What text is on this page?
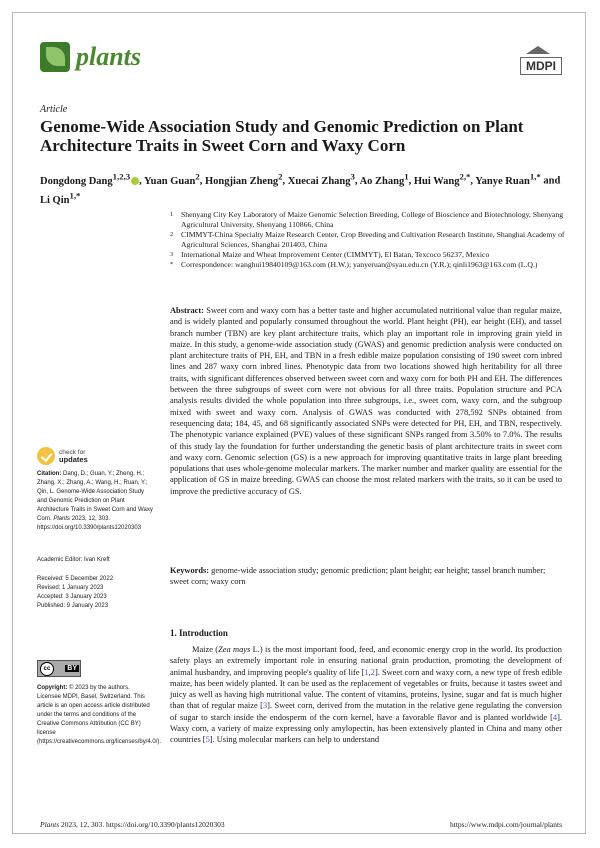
plants	MDPI
Article
Genome-Wide Association Study and Genomic Prediction on Plant Architecture Traits in Sweet Corn and Waxy Corn
Dongdong Dang$^{1,2,3}$ , Yuan Guan$^2$, Hongjian Zheng$^2$, Xuecai Zhang$^3$, Ao Zhang$^1$, Hui Wang$^{2,*}$, Yanye Ruan$^{1,*}$ and Li Qin$^{1,*}$
1 Shenyang City Key Laboratory of Maize Genomic Selection Breeding, College of Bioscience and Biotechnology, Shenyang Agricultural University, Shenyang 110866, China
2 CIMMYT-China Specialty Maize Research Center, Crop Breeding and Cultivation Research Institute, Shanghai Academy of Agricultural Sciences, Shanghai 201403, China
3 International Maize and Wheat Improvement Center (CIMMYT), El Batan, Texcoco 56237, Mexico
* Correspondence: wanghui19840109@163.com (H.W.); yanyeruan@syau.edu.cn (Y.R.); qinli1963@163.com (L.Q.)
Abstract: Sweet corn and waxy corn has a better taste and higher accumulated nutritional value than regular maize, and is widely planted and popularly consumed throughout the world. Plant height (PH), ear height (EH), and tassel branch number (TBN) are key plant architecture traits, which play an important role in improving grain yield in maize. In this study, a genome-wide association study (GWAS) and genomic prediction analysis were conducted on plant architecture traits of PH, EH, and TBN in a fresh edible maize population consisting of 190 sweet corn inbred lines and 287 waxy corn inbred lines. Phenotypic data from two locations showed high heritability for all three traits, with significant differences observed between sweet corn and waxy corn for both PH and EH. The differences between the three subgroups of sweet corn were not obvious for all three traits. Population structure and PCA analysis results divided the whole population into three subgroups, i.e., sweet corn, waxy corn, and the subgroup mixed with sweet and waxy corn. Analysis of GWAS was conducted with 278,592 SNPs obtained from resequencing data; 184, 45, and 68 significantly associated SNPs were detected for PH, EH, and TBN, respectively. The phenotypic variance explained (PVE) values of these significant SNPs ranged from 3.50% to 7.0%. The results of this study lay the foundation for further understanding the genetic basis of plant architecture traits in sweet corn and waxy corn. Genomic selection (GS) is a new approach for improving quantitative traits in large plant breeding populations that uses whole-genome molecular markers. The marker number and marker quality are essential for the application of GS in maize breeding. GWAS can choose the most related markers with the traits, so it can be used to improve the predictive accuracy of GS.
Keywords: genome-wide association study; genomic prediction; plant height; ear height; tassel branch number; sweet corn; waxy corn
check for
updates
Citation: Dang, D.; Guan, Y.; Zheng, H.; Zhang, X.; Zhang, A.; Wang, H.; Ruan, Y.; Qin, L. Genome-Wide Association Study and Genomic Prediction on Plant Architecture Traits in Sweet Corn and Waxy Corn. Plants 2023, 12, 303. https://doi.org/10.3390/plants12020303
Academic Editor: Ivan Kreft
Received: 5 December 2022
Revised: 1 January 2023
Accepted: 3 January 2023
Published: 9 January 2023
cc	BY
Copyright: © 2023 by the authors. Licensee MDPI, Basel, Switzerland. This article is an open access article distributed under the terms and conditions of the Creative Commons Attribution (CC BY) license (https://creativecommons.org/licenses/by/4.0/).
1. Introduction
Maize (Zea mays L.) is the most important food, feed, and economic energy crop in the world. Its production safety plays an extremely important role in ensuring national grain production, promoting the development of animal husbandry, and improving people's quality of life [1,2]. Sweet corn and waxy corn, a new type of fresh edible maize, has been widely planted. It can be used as the replacement of vegetables or fruits, because it tastes sweet and juicy as well as having high nutritional value. The content of vitamins, proteins, lysine, sugar and fat is much higher than that of regular maize [3]. Sweet corn, derived from the mutation in the relative gene regulating the conversion of sugar to starch inside the endosperm of the corn kernel, have a favorable flavor and is planted worldwide [4]. Waxy corn, a variety of maize expressing only amylopectin, has been extensively planted in China and many other countries [5]. Using molecular markers can help to understand
Plants 2023, 12, 303. https://doi.org/10.3390/plants12020303	https://www.mdpi.com/journal/plants
